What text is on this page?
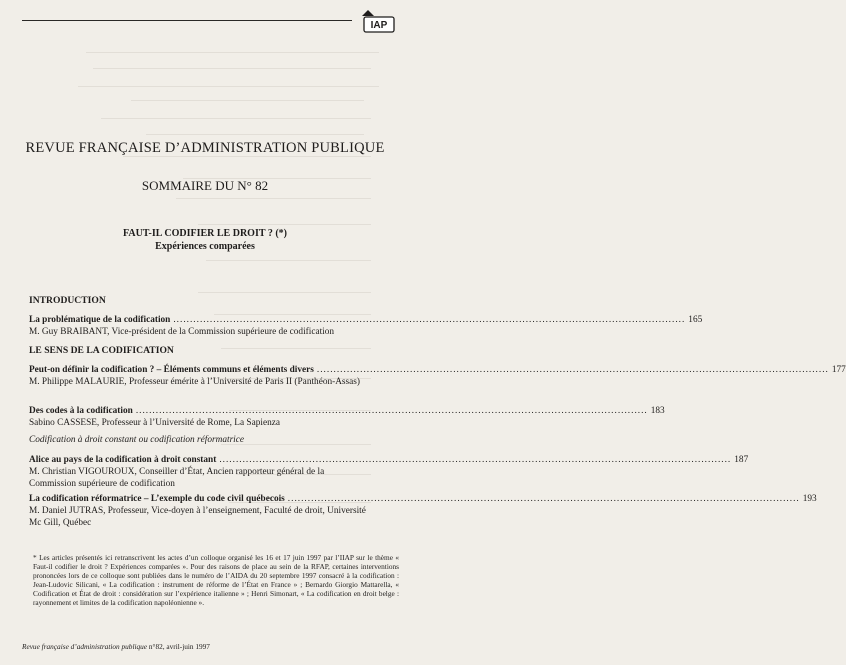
IAP
REVUE FRANÇAISE D’ADMINISTRATION PUBLIQUE
SOMMAIRE DU N° 82
FAUT-IL CODIFIER LE DROIT ? (*)
Expériences comparées
INTRODUCTION
La problématique de la codification .......................................................................................................................................................... 165
M. Guy BRAIBANT, Vice-président de la Commission supérieure de codification
LE SENS DE LA CODIFICATION
Peut-on définir la codification ? – Éléments communs et éléments divers .......................................................................................................................................................... 177
M. Philippe MALAURIE, Professeur émérite à l’Université de Paris II (Panthéon-Assas)
Des codes à la codification .......................................................................................................................................................... 183
Sabino CASSESE, Professeur à l’Université de Rome, La Sapienza
Codification à droit constant ou codification réformatrice
Alice au pays de la codification à droit constant .......................................................................................................................................................... 187
M. Christian VIGOUROUX, Conseiller d’État, Ancien rapporteur général de la Commission supérieure de codification
La codification réformatrice – L’exemple du code civil québecois .......................................................................................................................................................... 193
M. Daniel JUTRAS, Professeur, Vice-doyen à l’enseignement, Faculté de droit, Université Mc Gill, Québec
* Les articles présentés ici retranscrivent les actes d’un colloque organisé les 16 et 17 juin 1997 par l’IIAP sur le thème « Faut-il codifier le droit ? Expériences comparées ». Pour des raisons de place au sein de la RFAP, certaines interventions prononcées lors de ce colloque sont publiées dans le numéro de l’AIDA du 20 septembre 1997 consacré à la codification : Jean-Ludovic Silicani, « La codification : instrument de réforme de l’État en France » ; Bernardo Giorgio Mattarella, « Codification et État de droit : considération sur l’expérience italienne » ; Henri Simonart, « La codification en droit belge : rayonnement et limites de la codification napoléonienne ».
Revue française d’administration publique n°82, avril-juin 1997
